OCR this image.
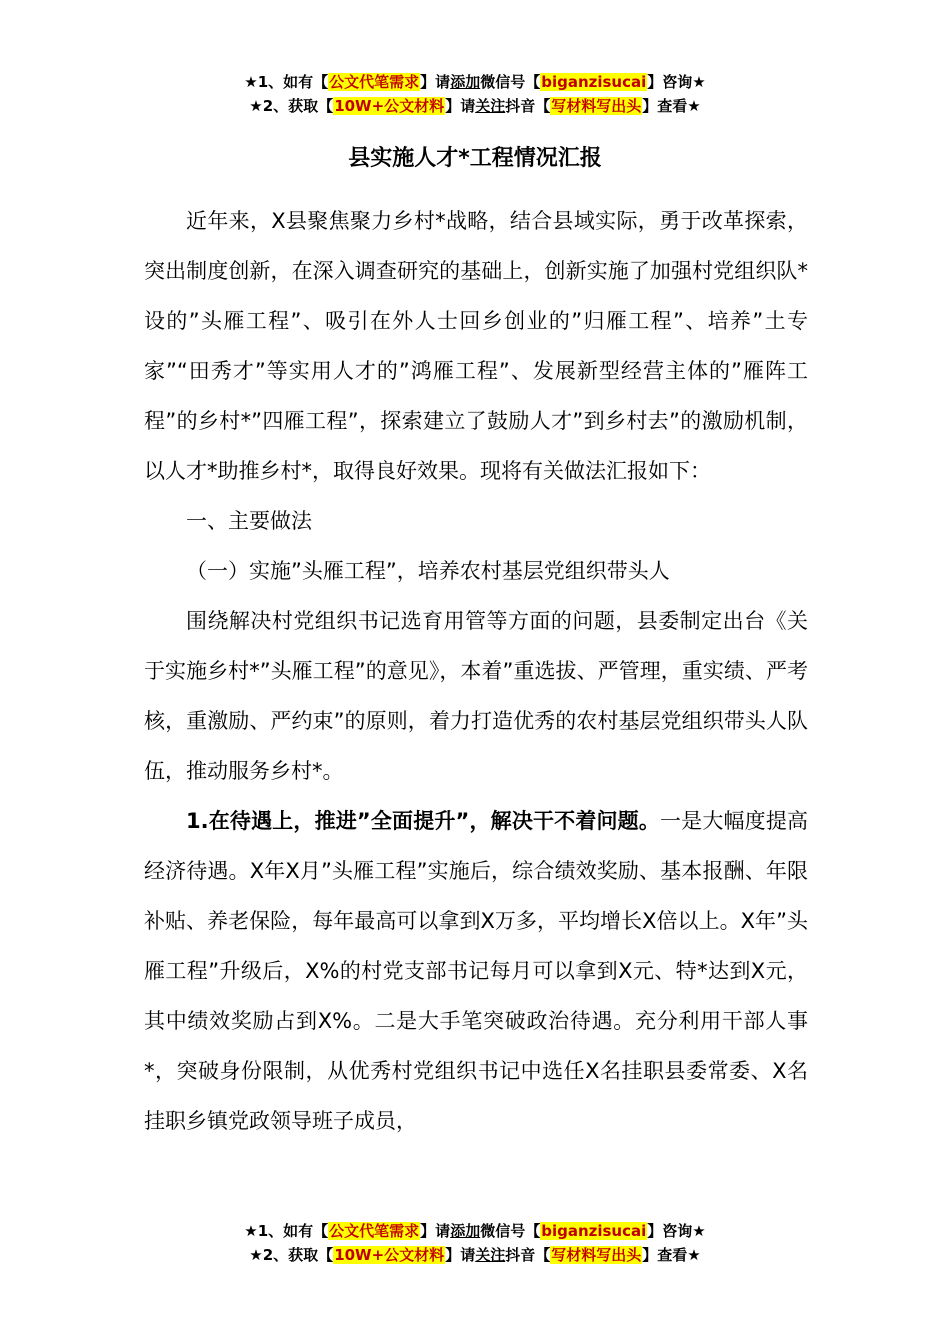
★1、如有【公文代笔需求】请添加微信号【biganzisucai】咨询★
★2、获取【10W+公文材料】请关注抖音【写材料写出头】查看★
县实施人才*工程情况汇报

近年来，X县聚焦聚力乡村*战略，结合县域实际，勇于改革探索，突出制度创新，在深入调查研究的基础上，创新实施了加强村党组织队*设的”头雁工程”、吸引在外人士回乡创业的”归雁工程”、培养”土专家”“田秀才”等实用人才的”鸿雁工程”、发展新型经营主体的”雁阵工程”的乡村*”四雁工程”，探索建立了鼓励人才”到乡村去”的激励机制，以人才*助推乡村*，取得良好效果。现将有关做法汇报如下：

一、主要做法

（一）实施”头雁工程”，培养农村基层党组织带头人

围绕解决村党组织书记选育用管等方面的问题，县委制定出台《关于实施乡村*”头雁工程”的意见》，本着”重选拔、严管理，重实绩、严考核，重激励、严约束”的原则，着力打造优秀的农村基层党组织带头人队伍，推动服务乡村*。

1.在待遇上，推进”全面提升”，解决干不着问题。一是大幅度提高经济待遇。X年X月”头雁工程”实施后，综合绩效奖励、基本报酬、年限补贴、养老保险，每年最高可以拿到X万多，平均增长X倍以上。X年”头雁工程”升级后，X%的村党支部书记每月可以拿到X元、特*达到X元，其中绩效奖励占到X%。二是大手笔突破政治待遇。充分利用干部人事*，突破身份限制，从优秀村党组织书记中选任X名挂职县委常委、X名挂职乡镇党政领导班子成员，

★1、如有【公文代笔需求】请添加微信号【biganzisucai】咨询★
★2、获取【10W+公文材料】请关注抖音【写材料写出头】查看★
